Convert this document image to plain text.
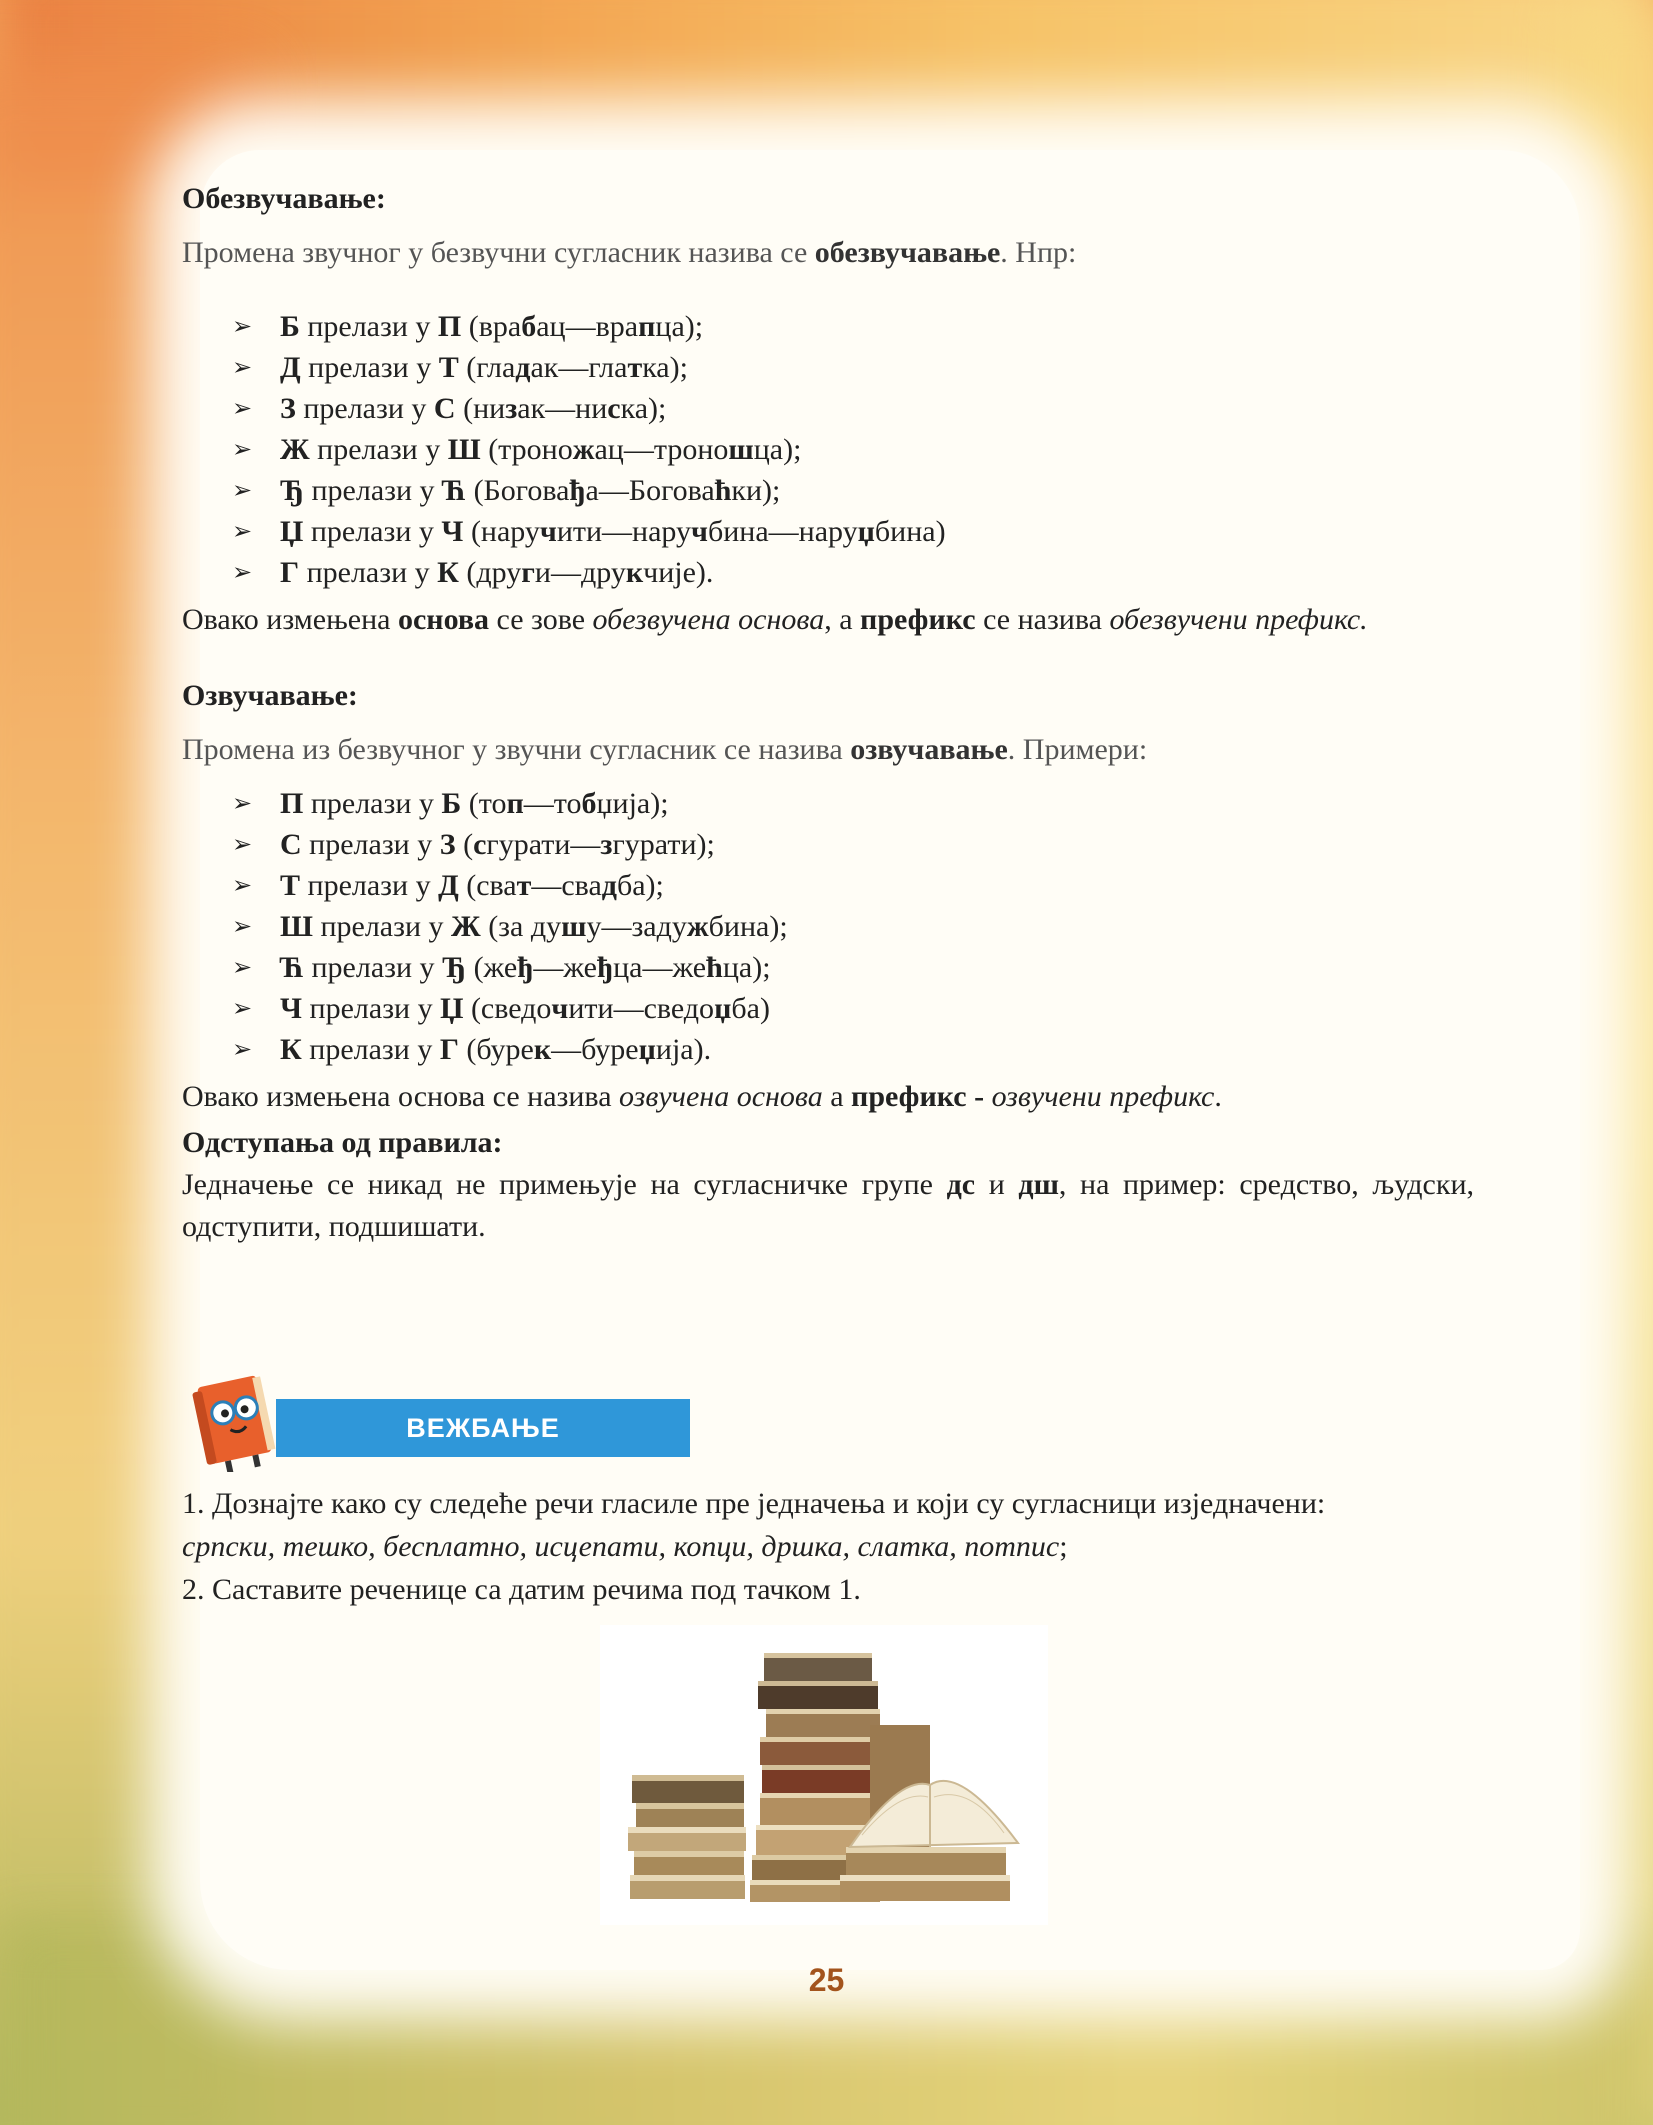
Обезвучавање:

Промена звучног у безвучни сугласник назива се обезвучавање. Нпр:

➢ Б прелази у П (врабац—врапца);
➢ Д прелази у Т (гладак—глатка);
➢ З прелази у С (низак—ниска);
➢ Ж прелази у Ш (троножац—троношца);
➢ Ђ прелази у Ћ (Боговађа—Боговаћки);
➢ Џ прелази у Ч (наручити—наручбина—наруџбина)
➢ Г прелази у К (други—друкчије).

Овако измењена основа се зове обезвучена основа, а префикс се назива обезвучени префикс.

Озвучавање:

Промена из безвучног у звучни сугласник се назива озвучавање. Примери:

➢ П прелази у Б (топ—тобџија);
➢ С прелази у З (сгурати—згурати);
➢ Т прелази у Д (сват—свадба);
➢ Ш прелази у Ж (за душу—задужбина);
➢ Ћ прелази у Ђ (жеђ—жеђца—жећца);
➢ Ч прелази у Џ (сведочити—сведоџба)
➢ К прелази у Г (бурек—буреџија).

Овако измењена основа се назива озвучена основа а префикс - озвучени префикс.

Одступања од правила:

Једначење се никад не примењује на сугласничке групе дс и дш, на пример: средство, људски, одступити, подшишати.

ВЕЖБАЊЕ

1. Дознајте како су следеће речи гласиле пре једначења и који су сугласници изједначени:

српски, тешко, бесплатно, исцепати, копци, дршка, слатка, потпис;

2. Саставите реченице са датим речима под тачком 1.

25
